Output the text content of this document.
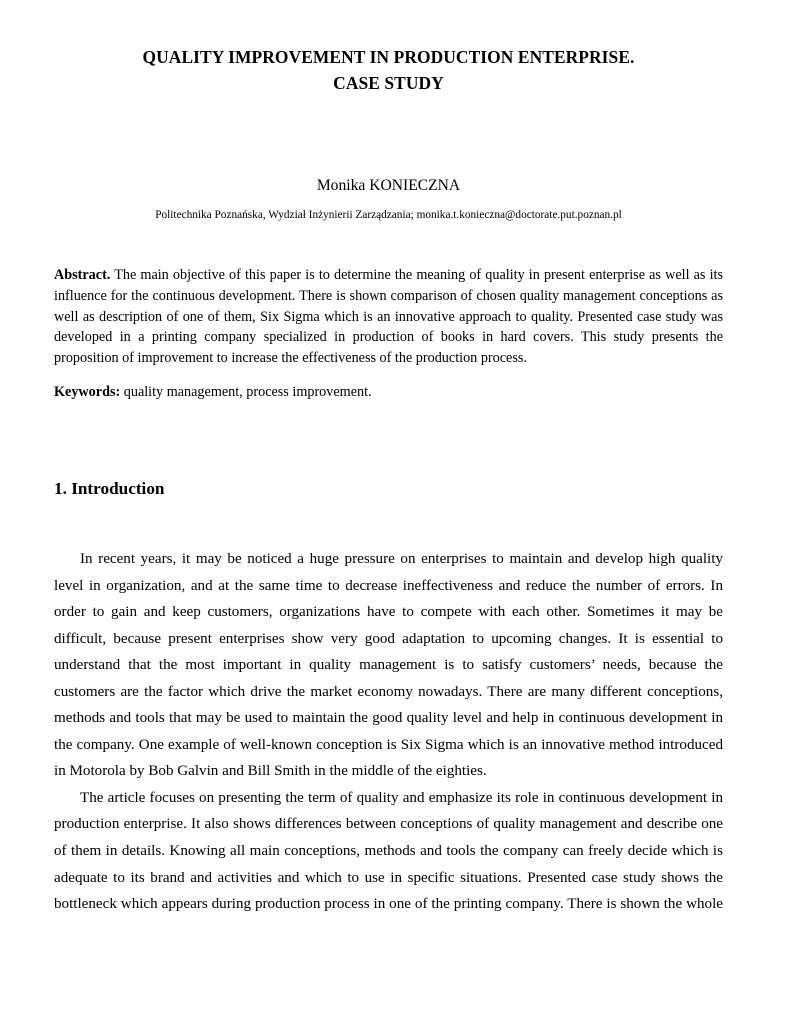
QUALITY IMPROVEMENT IN PRODUCTION ENTERPRISE.
CASE STUDY
Monika KONIECZNA
Politechnika Poznańska, Wydział Inżynierii Zarządzania; monika.t.konieczna@doctorate.put.poznan.pl

Abstract. The main objective of this paper is to determine the meaning of quality in present enterprise as well as its influence for the continuous development. There is shown comparison of chosen quality management conceptions as well as description of one of them, Six Sigma which is an innovative approach to quality. Presented case study was developed in a printing company specialized in production of books in hard covers. This study presents the proposition of improvement to increase the effectiveness of the production process.

Keywords: quality management, process improvement.

1. Introduction

In recent years, it may be noticed a huge pressure on enterprises to maintain and develop high quality level in organization, and at the same time to decrease ineffectiveness and reduce the number of errors. In order to gain and keep customers, organizations have to compete with each other. Sometimes it may be difficult, because present enterprises show very good adaptation to upcoming changes. It is essential to understand that the most important in quality management is to satisfy customers’ needs, because the customers are the factor which drive the market economy nowadays. There are many different conceptions, methods and tools that may be used to maintain the good quality level and help in continuous development in the company. One example of well-known conception is Six Sigma which is an innovative method introduced in Motorola by Bob Galvin and Bill Smith in the middle of the eighties.

The article focuses on presenting the term of quality and emphasize its role in continuous development in production enterprise. It also shows differences between conceptions of quality management and describe one of them in details. Knowing all main conceptions, methods and tools the company can freely decide which is adequate to its brand and activities and which to use in specific situations. Presented case study shows the bottleneck which appears during production process in one of the printing company. There is shown the whole
